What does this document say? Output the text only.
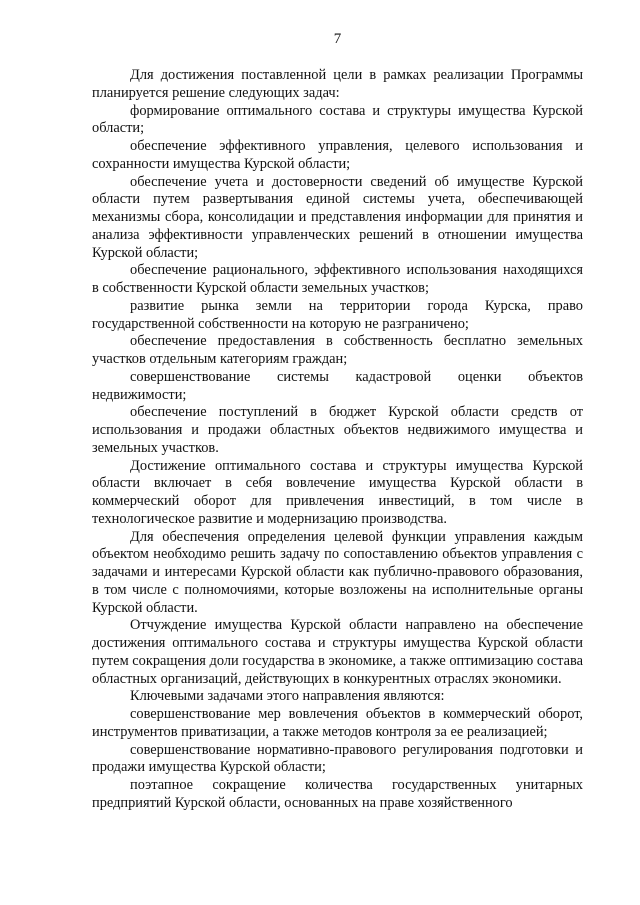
7

Для достижения поставленной цели в рамках реализации Программы планируется решение следующих задач:

формирование оптимального состава и структуры имущества Курской области;

обеспечение эффективного управления, целевого использования и сохранности имущества Курской области;

обеспечение учета и достоверности сведений об имуществе Курской области путем развертывания единой системы учета, обеспечивающей механизмы сбора, консолидации и представления информации для принятия и анализа эффективности управленческих решений в отношении имущества Курской области;

обеспечение рационального, эффективного использования находящихся в собственности Курской области земельных участков;

развитие рынка земли на территории города Курска, право государственной собственности на которую не разграничено;

обеспечение предоставления в собственность бесплатно земельных участков отдельным категориям граждан;

совершенствование системы кадастровой оценки объектов недвижимости;

обеспечение поступлений в бюджет Курской области средств от использования и продажи областных объектов недвижимого имущества и земельных участков.

Достижение оптимального состава и структуры имущества Курской области включает в себя вовлечение имущества Курской области в коммерческий оборот для привлечения инвестиций, в том числе в технологическое развитие и модернизацию производства.

Для обеспечения определения целевой функции управления каждым объектом необходимо решить задачу по сопоставлению объектов управления с задачами и интересами Курской области как публично-правового образования, в том числе с полномочиями, которые возложены на исполнительные органы Курской области.

Отчуждение имущества Курской области направлено на обеспечение достижения оптимального состава и структуры имущества Курской области путем сокращения доли государства в экономике, а также оптимизацию состава областных организаций, действующих в конкурентных отраслях экономики.

Ключевыми задачами этого направления являются:

совершенствование мер вовлечения объектов в коммерческий оборот, инструментов приватизации, а также методов контроля за ее реализацией;

совершенствование нормативно-правового регулирования подготовки и продажи имущества Курской области;

поэтапное сокращение количества государственных унитарных предприятий Курской области, основанных на праве хозяйственного
